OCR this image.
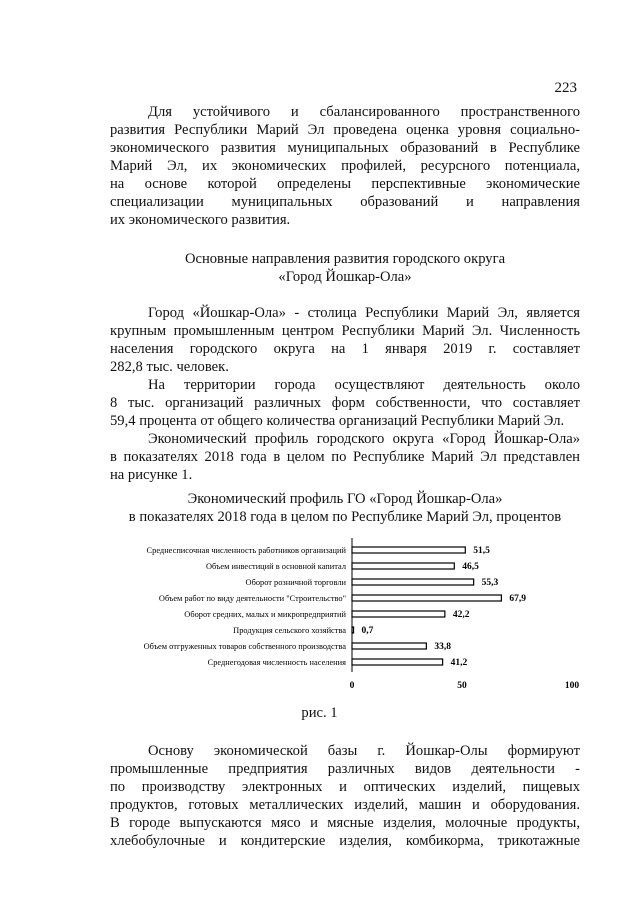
223
Для устойчивого и сбалансированного пространственного
развития Республики Марий Эл проведена оценка уровня социально-
экономического развития муниципальных образований в Республике
Марий Эл, их экономических профилей, ресурсного потенциала,
на основе которой определены перспективные экономические
специализации муниципальных образований и направления
их экономического развития.
Основные направления развития городского округа
«Город Йошкар-Ола»
Город «Йошкар-Ола» - столица Республики Марий Эл, является
крупным промышленным центром Республики Марий Эл. Численность
населения городского округа на 1 января 2019 г. составляет
282,8 тыс. человек.
На территории города осуществляют деятельность около
8 тыс. организаций различных форм собственности, что составляет
59,4 процента от общего количества организаций Республики Марий Эл.
Экономический профиль городского округа «Город Йошкар-Ола»
в показателях 2018 года в целом по Республике Марий Эл представлен
на рисунке 1.
Экономический профиль ГО «Город Йошкар-Ола»
в показателях 2018 года в целом по Республике Марий Эл, процентов
Среднесписочная численность работников организаций	51,5
Объем инвестиций в основной капитал	46,5
Оборот розничной торговли	55,3
Объем работ по виду деятельности "Строительство"	67,9
Оборот средних, малых и микропредприятий	42,2
Продукция сельского хозяйства 0,7
Объем отгруженных товаров собственного производства	33,8
Среднегодовая численность населения	41,2
0	50	100
рис. 1
Основу экономической базы г. Йошкар-Олы формируют
промышленные предприятия различных видов деятельности -
по производству электронных и оптических изделий, пищевых
продуктов, готовых металлических изделий, машин и оборудования.
В городе выпускаются мясо и мясные изделия, молочные продукты,
хлебобулочные и кондитерские изделия, комбикорма, трикотажные
